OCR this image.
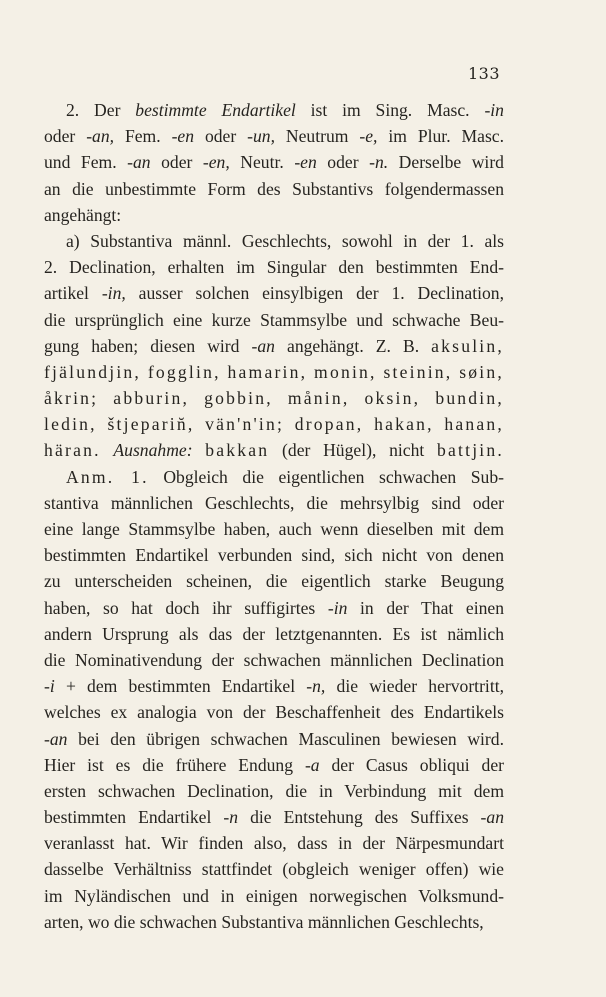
133
2. Der bestimmte Endartikel ist im Sing. Masc. -in
oder -an, Fem. -en oder -un, Neutrum -e, im Plur. Masc.
und Fem. -an oder -en, Neutr. -en oder -n. Derselbe wird
an die unbestimmte Form des Substantivs folgendermassen
angehängt:
a) Substantiva männl. Geschlechts, sowohl in der 1. als
2. Declination, erhalten im Singular den bestimmten End-
artikel -in, ausser solchen einsylbigen der 1. Declination,
die ursprünglich eine kurze Stammsylbe und schwache Beu-
gung haben; diesen wird -an angehängt. Z. B. aksulin,
fjälundjin, fogglin, hamarin, monin, steinin, søin,
åkrin; abburin, gobbin, månin, oksin, bundin,
ledin, štjeparin̆, vän'n'in; dropan, hakan, hanan,
häran. Ausnahme: bakkan (der Hügel), nicht battjin.
Anm. 1. Obgleich die eigentlichen schwachen Sub-
stantiva männlichen Geschlechts, die mehrsylbig sind oder
eine lange Stammsylbe haben, auch wenn dieselben mit dem
bestimmten Endartikel verbunden sind, sich nicht von denen
zu unterscheiden scheinen, die eigentlich starke Beugung
haben, so hat doch ihr suffigirtes -in in der That einen
andern Ursprung als das der letztgenannten. Es ist nämlich
die Nominativendung der schwachen männlichen Declination
-i + dem bestimmten Endartikel -n, die wieder hervortritt,
welches ex analogia von der Beschaffenheit des Endartikels
-an bei den übrigen schwachen Masculinen bewiesen wird.
Hier ist es die frühere Endung -a der Casus obliqui der
ersten schwachen Declination, die in Verbindung mit dem
bestimmten Endartikel -n die Entstehung des Suffixes -an
veranlasst hat. Wir finden also, dass in der Närpesmundart
dasselbe Verhältniss stattfindet (obgleich weniger offen) wie
im Nyländischen und in einigen norwegischen Volksmund-
arten, wo die schwachen Substantiva männlichen Geschlechts,
